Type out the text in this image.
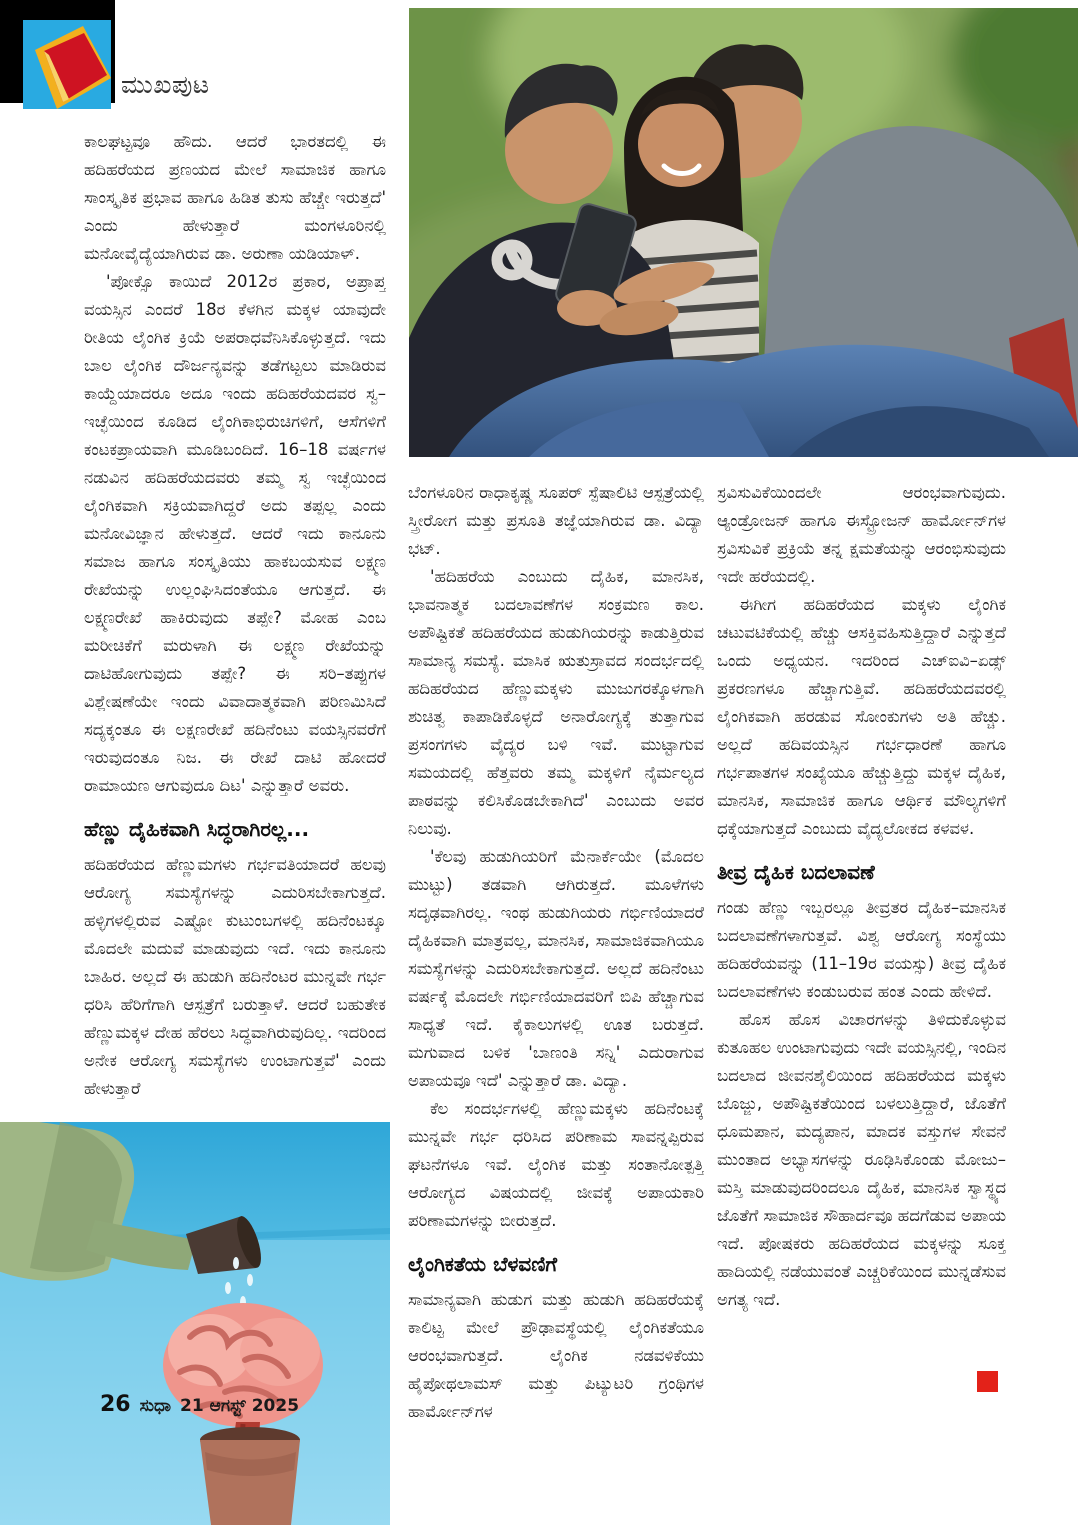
ಮುಖಪುಟ

ಕಾಲಘಟ್ಟವೂ ಹೌದು. ಆದರೆ ಭಾರತದಲ್ಲಿ ಈ ಹದಿಹರೆಯದ ಪ್ರಣಯದ ಮೇಲೆ ಸಾಮಾಜಿಕ ಹಾಗೂ ಸಾಂಸ್ಕೃತಿಕ ಪ್ರಭಾವ ಹಾಗೂ ಹಿಡಿತ ತುಸು ಹೆಚ್ಚೇ ಇರುತ್ತದೆ' ಎಂದು ಹೇಳುತ್ತಾರೆ ಮಂಗಳೂರಿನಲ್ಲಿ ಮನೋವೈದ್ಯೆಯಾಗಿರುವ ಡಾ. ಅರುಣಾ ಯಡಿಯಾಳ್.

'ಪೋಕ್ಸೊ ಕಾಯಿದೆ 2012ರ ಪ್ರಕಾರ, ಅಪ್ರಾಪ್ತ ವಯಸ್ಸಿನ ಎಂದರೆ 18ರ ಕೆಳಗಿನ ಮಕ್ಕಳ ಯಾವುದೇ ರೀತಿಯ ಲೈಂಗಿಕ ಕ್ರಿಯೆ ಅಪರಾಧವೆನಿಸಿಕೊಳ್ಳುತ್ತದೆ. ಇದು ಬಾಲ ಲೈಂಗಿಕ ದೌರ್ಜನ್ಯವನ್ನು ತಡೆಗಟ್ಟಲು ಮಾಡಿರುವ ಕಾಯ್ದೆಯಾದರೂ ಅದೂ ಇಂದು ಹದಿಹರೆಯದವರ ಸ್ವ–ಇಚ್ಛೆಯಿಂದ ಕೂಡಿದ ಲೈಂಗಿಕಾಭಿರುಚಿಗಳಿಗೆ, ಆಸೆಗಳಿಗೆ ಕಂಟಕಪ್ರಾಯವಾಗಿ ಮೂಡಿಬಂದಿದೆ. 16–18 ವರ್ಷಗಳ ನಡುವಿನ ಹದಿಹರೆಯದವರು ತಮ್ಮ ಸ್ವ ಇಚ್ಛೆಯಿಂದ ಲೈಂಗಿಕವಾಗಿ ಸಕ್ರಿಯವಾಗಿದ್ದರೆ ಅದು ತಪ್ಪಲ್ಲ ಎಂದು ಮನೋವಿಜ್ಞಾನ ಹೇಳುತ್ತದೆ. ಆದರೆ ಇದು ಕಾನೂನು ಸಮಾಜ ಹಾಗೂ ಸಂಸ್ಕೃತಿಯು ಹಾಕಬಯಸುವ ಲಕ್ಷ್ಮಣ ರೇಖೆಯನ್ನು ಉಲ್ಲಂಘಿಸಿದಂತೆಯೂ ಆಗುತ್ತದೆ. ಈ ಲಕ್ಷ್ಮಣರೇಖೆ ಹಾಕಿರುವುದು ತಪ್ಪೇ? ಮೋಹ ಎಂಬ ಮರೀಚಿಕೆಗೆ ಮರುಳಾಗಿ ಈ ಲಕ್ಷ್ಮಣ ರೇಖೆಯನ್ನು ದಾಟಿಹೋಗುವುದು ತಪ್ಪೇ? ಈ ಸರಿ–ತಪ್ಪುಗಳ ವಿಶ್ಲೇಷಣೆಯೇ ಇಂದು ವಿವಾದಾತ್ಮಕವಾಗಿ ಪರಿಣಮಿಸಿದೆ ಸದ್ಯಕ್ಕಂತೂ ಈ ಲಕ್ಷಣರೇಖೆ ಹದಿನೆಂಟು ವಯಸ್ಸಿನವರೆಗೆ ಇರುವುದಂತೂ ನಿಜ. ಈ ರೇಖೆ ದಾಟಿ ಹೋದರೆ ರಾಮಾಯಣ ಆಗುವುದೂ ದಿಟ' ಎನ್ನುತ್ತಾರೆ ಅವರು.

ಹೆಣ್ಣು ದೈಹಿಕವಾಗಿ ಸಿದ್ಧರಾಗಿರಲ್ಲ...

ಹದಿಹರೆಯದ ಹೆಣ್ಣುಮಗಳು ಗರ್ಭವತಿಯಾದರೆ ಹಲವು ಆರೋಗ್ಯ ಸಮಸ್ಯೆಗಳನ್ನು ಎದುರಿಸಬೇಕಾಗುತ್ತದೆ. ಹಳ್ಳಿಗಳಲ್ಲಿರುವ ಎಷ್ಟೋ ಕುಟುಂಬಗಳಲ್ಲಿ ಹದಿನೆಂಟಕ್ಕೂ ಮೊದಲೇ ಮದುವೆ ಮಾಡುವುದು ಇದೆ. ಇದು ಕಾನೂನು ಬಾಹಿರ. ಅಲ್ಲದೆ ಈ ಹುಡುಗಿ ಹದಿನೆಂಟರ ಮುನ್ನವೇ ಗರ್ಭ ಧರಿಸಿ ಹೆರಿಗೆಗಾಗಿ ಆಸ್ಪತ್ರೆಗೆ ಬರುತ್ತಾಳೆ. ಆದರೆ ಬಹುತೇಕ ಹೆಣ್ಣುಮಕ್ಕಳ ದೇಹ ಹೆರಲು ಸಿದ್ಧವಾಗಿರುವುದಿಲ್ಲ. ಇದರಿಂದ ಅನೇಕ ಆರೋಗ್ಯ ಸಮಸ್ಯೆಗಳು ಉಂಟಾಗುತ್ತವೆ' ಎಂದು ಹೇಳುತ್ತಾರೆ

ಬೆಂಗಳೂರಿನ ರಾಧಾಕೃಷ್ಣ ಸೂಪರ್ ಸ್ಪೆಷಾಲಿಟಿ ಆಸ್ಪತ್ರೆಯಲ್ಲಿ ಸ್ತ್ರೀರೋಗ ಮತ್ತು ಪ್ರಸೂತಿ ತಜ್ಞೆಯಾಗಿರುವ ಡಾ. ವಿದ್ಯಾ ಭಟ್.

'ಹದಿಹರೆಯ ಎಂಬುದು ದೈಹಿಕ, ಮಾನಸಿಕ, ಭಾವನಾತ್ಮಕ ಬದಲಾವಣೆಗಳ ಸಂಕ್ರಮಣ ಕಾಲ. ಅಪೌಷ್ಟಿಕತೆ ಹದಿಹರೆಯದ ಹುಡುಗಿಯರನ್ನು ಕಾಡುತ್ತಿರುವ ಸಾಮಾನ್ಯ ಸಮಸ್ಯೆ. ಮಾಸಿಕ ಋತುಸ್ರಾವದ ಸಂದರ್ಭದಲ್ಲಿ ಹದಿಹರೆಯದ ಹೆಣ್ಣುಮಕ್ಕಳು ಮುಜುಗರಕ್ಕೊಳಗಾಗಿ ಶುಚಿತ್ವ ಕಾಪಾಡಿಕೊಳ್ಳದೆ ಅನಾರೋಗ್ಯಕ್ಕೆ ತುತ್ತಾಗುವ ಪ್ರಸಂಗಗಳು ವೈದ್ಯರ ಬಳಿ ಇವೆ. ಮುಟ್ಟಾಗುವ ಸಮಯದಲ್ಲಿ ಹೆತ್ತವರು ತಮ್ಮ ಮಕ್ಕಳಿಗೆ ನೈರ್ಮಲ್ಯದ ಪಾಠವನ್ನು ಕಲಿಸಿಕೊಡಬೇಕಾಗಿದೆ' ಎಂಬುದು ಅವರ ನಿಲುವು.

'ಕೆಲವು ಹುಡುಗಿಯರಿಗೆ ಮೆನಾರ್ಕೆಯೇ (ಮೊದಲ ಮುಟ್ಟು) ತಡವಾಗಿ ಆಗಿರುತ್ತದೆ. ಮೂಳೆಗಳು ಸದೃಢವಾಗಿರಲ್ಲ. ಇಂಥ ಹುಡುಗಿಯರು ಗರ್ಭಿಣಿಯಾದರೆ ದೈಹಿಕವಾಗಿ ಮಾತ್ರವಲ್ಲ, ಮಾನಸಿಕ, ಸಾಮಾಜಿಕವಾಗಿಯೂ ಸಮಸ್ಯೆಗಳನ್ನು ಎದುರಿಸಬೇಕಾಗುತ್ತದೆ. ಅಲ್ಲದೆ ಹದಿನೆಂಟು ವರ್ಷಕ್ಕೆ ಮೊದಲೇ ಗರ್ಭಿಣಿಯಾದವರಿಗೆ ಬಿಪಿ ಹೆಚ್ಚಾಗುವ ಸಾಧ್ಯತೆ ಇದೆ. ಕೈಕಾಲುಗಳಲ್ಲಿ ಊತ ಬರುತ್ತದೆ. ಮಗುವಾದ ಬಳಿಕ 'ಬಾಣಂತಿ ಸನ್ನಿ' ಎದುರಾಗುವ ಅಪಾಯವೂ ಇದೆ' ಎನ್ನುತ್ತಾರೆ ಡಾ. ವಿದ್ಯಾ.

ಕೆಲ ಸಂದರ್ಭಗಳಲ್ಲಿ ಹೆಣ್ಣುಮಕ್ಕಳು ಹದಿನೆಂಟಕ್ಕೆ ಮುನ್ನವೇ ಗರ್ಭ ಧರಿಸಿದ ಪರಿಣಾಮ ಸಾವನ್ನಪ್ಪಿರುವ ಘಟನೆಗಳೂ ಇವೆ. ಲೈಂಗಿಕ ಮತ್ತು ಸಂತಾನೋತ್ಪತ್ತಿ ಆರೋಗ್ಯದ ವಿಷಯದಲ್ಲಿ ಜೀವಕ್ಕೆ ಅಪಾಯಕಾರಿ ಪರಿಣಾಮಗಳನ್ನು ಬೀರುತ್ತದೆ.

ಲೈಂಗಿಕತೆಯ ಬೆಳವಣಿಗೆ

ಸಾಮಾನ್ಯವಾಗಿ ಹುಡುಗ ಮತ್ತು ಹುಡುಗಿ ಹದಿಹರೆಯಕ್ಕೆ ಕಾಲಿಟ್ಟ ಮೇಲೆ ಪ್ರೌಢಾವಸ್ಥೆಯಲ್ಲಿ ಲೈಂಗಿಕತೆಯೂ ಆರಂಭವಾಗುತ್ತದೆ. ಲೈಂಗಿಕ ನಡವಳಿಕೆಯು ಹೈಪೋಥಲಾಮಸ್ ಮತ್ತು ಪಿಟ್ಯುಟರಿ ಗ್ರಂಥಿಗಳ ಹಾರ್ಮೋನ್‌ಗಳ

ಸ್ರವಿಸುವಿಕೆಯಿಂದಲೇ ಆರಂಭವಾಗುವುದು. ಆ್ಯಂಡ್ರೋಜನ್ ಹಾಗೂ ಈಸ್ಟ್ರೋಜನ್ ಹಾರ್ಮೋನ್‌ಗಳ ಸ್ರವಿಸುವಿಕೆ ಪ್ರಕ್ರಿಯೆ ತನ್ನ ಕ್ಷಮತೆಯನ್ನು ಆರಂಭಿಸುವುದು ಇದೇ ಹರೆಯದಲ್ಲಿ.

ಈಗೀಗ ಹದಿಹರೆಯದ ಮಕ್ಕಳು ಲೈಂಗಿಕ ಚಟುವಟಿಕೆಯಲ್ಲಿ ಹೆಚ್ಚು ಆಸಕ್ತಿವಹಿಸುತ್ತಿದ್ದಾರೆ ಎನ್ನುತ್ತದೆ ಒಂದು ಅಧ್ಯಯನ. ಇದರಿಂದ ಎಚ್‌ಐವಿ–ಏಡ್ಸ್ ಪ್ರಕರಣಗಳೂ ಹೆಚ್ಚಾಗುತ್ತಿವೆ. ಹದಿಹರೆಯದವರಲ್ಲಿ ಲೈಂಗಿಕವಾಗಿ ಹರಡುವ ಸೋಂಕುಗಳು ಅತಿ ಹೆಚ್ಚು. ಅಲ್ಲದೆ ಹದಿವಯಸ್ಸಿನ ಗರ್ಭಧಾರಣೆ ಹಾಗೂ ಗರ್ಭಪಾತಗಳ ಸಂಖ್ಯೆಯೂ ಹೆಚ್ಚುತ್ತಿದ್ದು ಮಕ್ಕಳ ದೈಹಿಕ, ಮಾನಸಿಕ, ಸಾಮಾಜಿಕ ಹಾಗೂ ಆರ್ಥಿಕ ಮೌಲ್ಯಗಳಿಗೆ ಧಕ್ಕೆಯಾಗುತ್ತದೆ ಎಂಬುದು ವೈದ್ಯಲೋಕದ ಕಳವಳ.

ತೀವ್ರ ದೈಹಿಕ ಬದಲಾವಣೆ

ಗಂಡು ಹೆಣ್ಣು ಇಬ್ಬರಲ್ಲೂ ತೀವ್ರತರ ದೈಹಿಕ–ಮಾನಸಿಕ ಬದಲಾವಣೆಗಳಾಗುತ್ತವೆ. ವಿಶ್ವ ಆರೋಗ್ಯ ಸಂಸ್ಥೆಯು ಹದಿಹರೆಯವನ್ನು (11–19ರ ವಯಸ್ಸು) ತೀವ್ರ ದೈಹಿಕ ಬದಲಾವಣೆಗಳು ಕಂಡುಬರುವ ಹಂತ ಎಂದು ಹೇಳಿದೆ.

ಹೊಸ ಹೊಸ ವಿಚಾರಗಳನ್ನು ತಿಳಿದುಕೊಳ್ಳುವ ಕುತೂಹಲ ಉಂಟಾಗುವುದು ಇದೇ ವಯಸ್ಸಿನಲ್ಲಿ, ಇಂದಿನ ಬದಲಾದ ಜೀವನಶೈಲಿಯಿಂದ ಹದಿಹರೆಯದ ಮಕ್ಕಳು ಬೊಜ್ಜು, ಅಪೌಷ್ಟಿಕತೆಯಿಂದ ಬಳಲುತ್ತಿದ್ದಾರೆ, ಜೊತೆಗೆ ಧೂಮಪಾನ, ಮದ್ಯಪಾನ, ಮಾದಕ ವಸ್ತುಗಳ ಸೇವನೆ ಮುಂತಾದ ಅಭ್ಯಾಸಗಳನ್ನು ರೂಢಿಸಿಕೊಂಡು ಮೋಜು–ಮಸ್ತಿ ಮಾಡುವುದರಿಂದಲೂ ದೈಹಿಕ, ಮಾನಸಿಕ ಸ್ವಾಸ್ಥ್ಯದ ಜೊತೆಗೆ ಸಾಮಾಜಿಕ ಸೌಹಾರ್ದವೂ ಹದಗೆಡುವ ಅಪಾಯ ಇದೆ. ಪೋಷಕರು ಹದಿಹರೆಯದ ಮಕ್ಕಳನ್ನು ಸೂಕ್ತ ಹಾದಿಯಲ್ಲಿ ನಡೆಯುವಂತೆ ಎಚ್ಚರಿಕೆಯಿಂದ ಮುನ್ನಡೆಸುವ ಅಗತ್ಯ ಇದೆ.

26 ಸುಧಾ 21 ಆಗಸ್ಟ್ 2025
